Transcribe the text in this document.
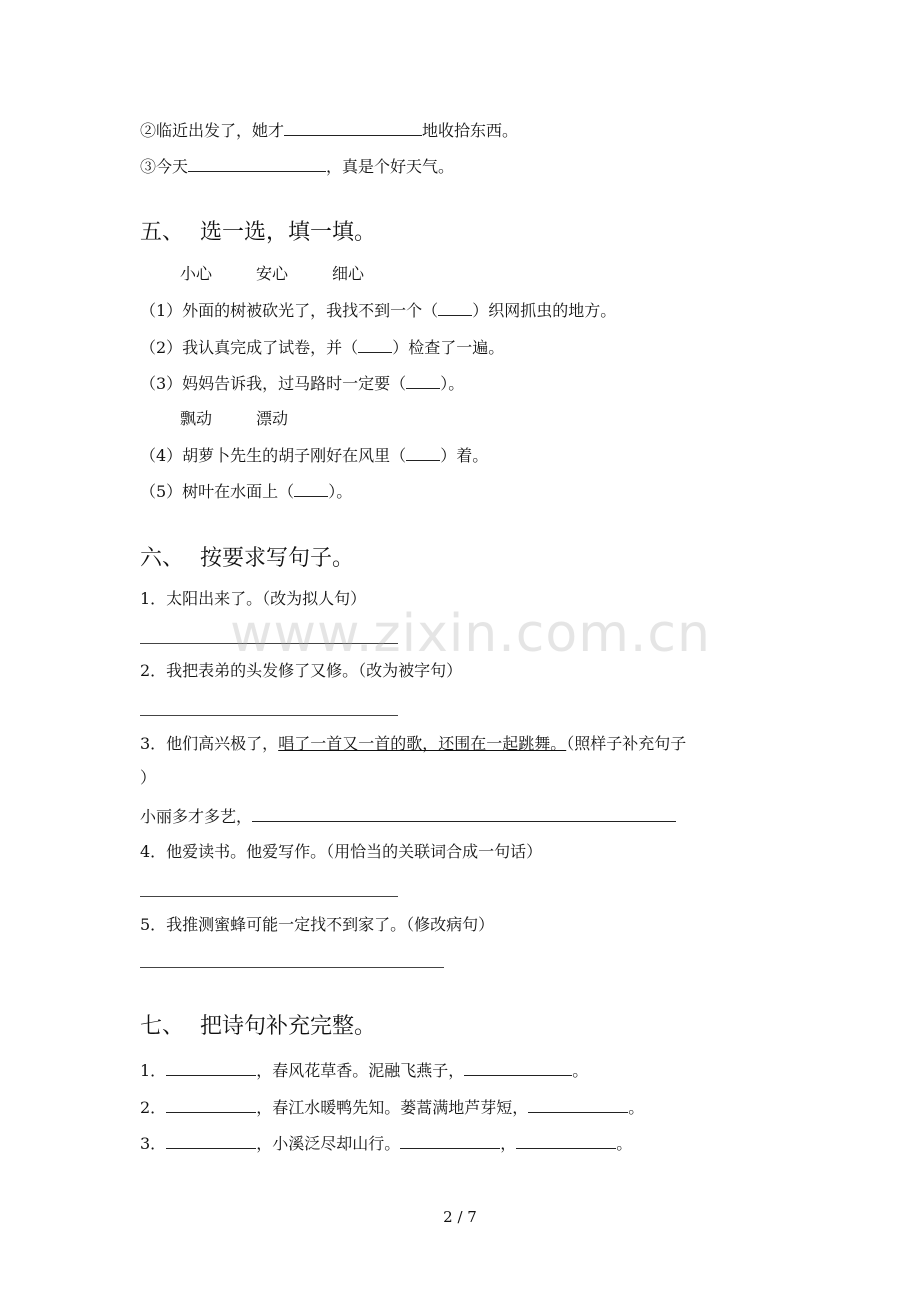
②临近出发了，她才	地收拾东西。
③今天	，真是个好天气。
五、 选一选，填一填。
小心	安心	细心
（1）外面的树被砍光了，我找不到一个（ ）织网抓虫的地方。
（2）我认真完成了试卷，并（ ）检查了一遍。
（3）妈妈告诉我，过马路时一定要（ ）。
飘动	漂动
（4）胡萝卜先生的胡子刚好在风里（ ）着。
（5）树叶在水面上（ ）。
六、 按要求写句子。
1．太阳出来了。（改为拟人句）
2．我把表弟的头发修了又修。（改为被字句）
3．他们高兴极了，唱了一首又一首的歌，还围在一起跳舞。（照样子补充句子
）
小丽多才多艺，
4．他爱读书。他爱写作。（用恰当的关联词合成一句话）
5．我推测蜜蜂可能一定找不到家了。（修改病句）
www.zixin.com.cn
七、 把诗句补充完整。
1．	，春风花草香。泥融飞燕子，	。
2．	，春江水暖鸭先知。蒌蒿满地芦芽短，	。
3．	，小溪泛尽却山行。	，	。
2 / 7
